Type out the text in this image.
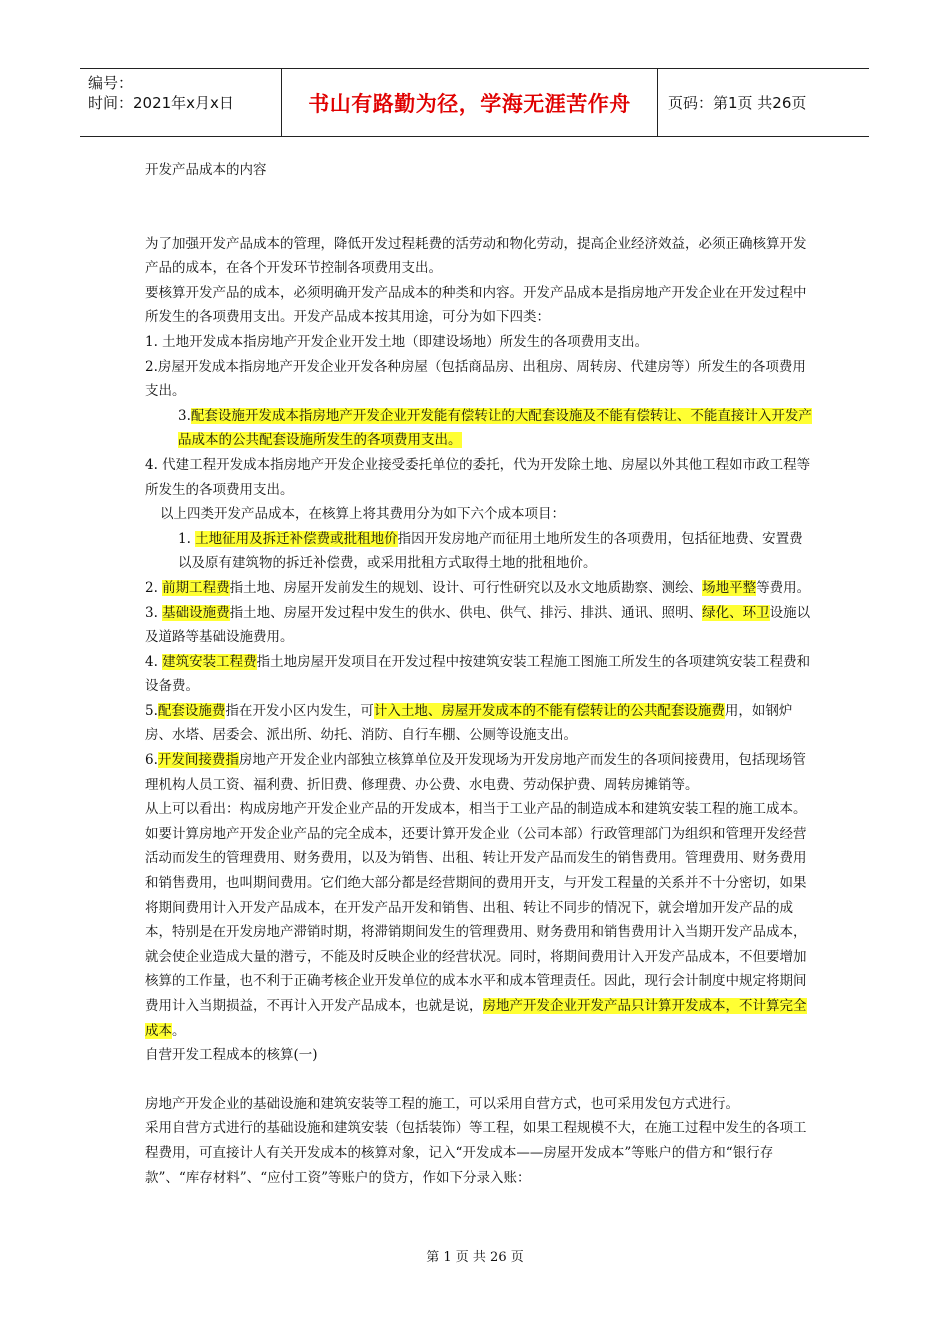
编号：
时间：2021年x月x日	书山有路勤为径，学海无涯苦作舟	页码：第1页 共26页

开发产品成本的内容

为了加强开发产品成本的管理，降低开发过程耗费的活劳动和物化劳动，提高企业经济效益，必须正确核算开发产品的成本，在各个开发环节控制各项费用支出。

要核算开发产品的成本，必须明确开发产品成本的种类和内容。开发产品成本是指房地产开发企业在开发过程中所发生的各项费用支出。开发产品成本按其用途，可分为如下四类：

1. 土地开发成本指房地产开发企业开发土地（即建设场地）所发生的各项费用支出。

2.房屋开发成本指房地产开发企业开发各种房屋（包括商品房、出租房、周转房、代建房等）所发生的各项费用支出。

3.配套设施开发成本指房地产开发企业开发能有偿转让的大配套设施及不能有偿转让、不能直接计入开发产品成本的公共配套设施所发生的各项费用支出。

4. 代建工程开发成本指房地产开发企业接受委托单位的委托，代为开发除土地、房屋以外其他工程如市政工程等所发生的各项费用支出。

以上四类开发产品成本，在核算上将其费用分为如下六个成本项目：

1. 土地征用及拆迁补偿费或批租地价指因开发房地产而征用土地所发生的各项费用，包括征地费、安置费以及原有建筑物的拆迁补偿费，或采用批租方式取得土地的批租地价。

2. 前期工程费指土地、房屋开发前发生的规划、设计、可行性研究以及水文地质勘察、测绘、场地平整等费用。

3. 基础设施费指土地、房屋开发过程中发生的供水、供电、供气、排污、排洪、通讯、照明、绿化、环卫设施以及道路等基础设施费用。

4. 建筑安装工程费指土地房屋开发项目在开发过程中按建筑安装工程施工图施工所发生的各项建筑安装工程费和设备费。

5.配套设施费指在开发小区内发生，可计入土地、房屋开发成本的不能有偿转让的公共配套设施费用，如钢炉房、水塔、居委会、派出所、幼托、消防、自行车棚、公厕等设施支出。

6.开发间接费指房地产开发企业内部独立核算单位及开发现场为开发房地产而发生的各项间接费用，包括现场管理机构人员工资、福利费、折旧费、修理费、办公费、水电费、劳动保护费、周转房摊销等。

从上可以看出：构成房地产开发企业产品的开发成本，相当于工业产品的制造成本和建筑安装工程的施工成本。如要计算房地产开发企业产品的完全成本，还要计算开发企业（公司本部）行政管理部门为组织和管理开发经营活动而发生的管理费用、财务费用，以及为销售、出租、转让开发产品而发生的销售费用。管理费用、财务费用和销售费用，也叫期间费用。它们绝大部分都是经营期间的费用开支，与开发工程量的关系并不十分密切，如果将期间费用计入开发产品成本，在开发产品开发和销售、出租、转让不同步的情况下，就会增加开发产品的成本，特别是在开发房地产滞销时期，将滞销期间发生的管理费用、财务费用和销售费用计入当期开发产品成本，就会使企业造成大量的潜亏，不能及时反映企业的经营状况。同时，将期间费用计入开发产品成本，不但要增加核算的工作量，也不利于正确考核企业开发单位的成本水平和成本管理责任。因此，现行会计制度中规定将期间费用计入当期损益，不再计入开发产品成本，也就是说，房地产开发企业开发产品只计算开发成本，不计算完全成本。

自营开发工程成本的核算(一)

房地产开发企业的基础设施和建筑安装等工程的施工，可以采用自营方式，也可采用发包方式进行。

采用自营方式进行的基础设施和建筑安装（包括装饰）等工程，如果工程规模不大，在施工过程中发生的各项工程费用，可直接计人有关开发成本的核算对象，记入“开发成本——房屋开发成本”等账户的借方和“银行存款”、“库存材料”、“应付工资”等账户的贷方，作如下分录入账：

第 1 页 共 26 页
